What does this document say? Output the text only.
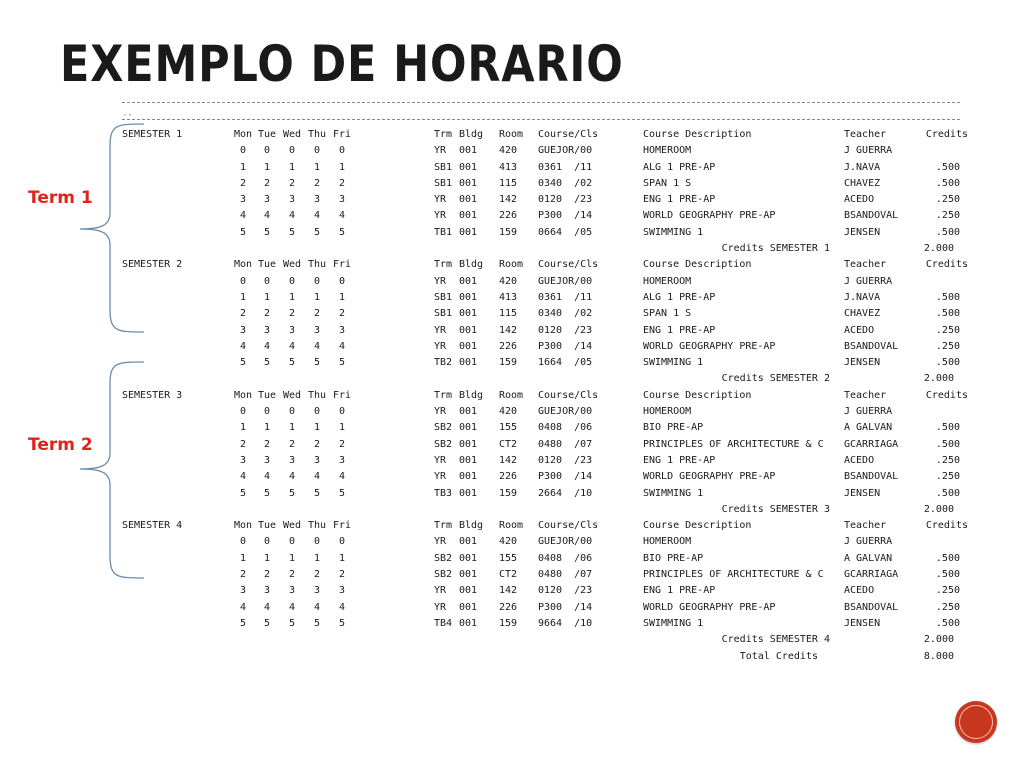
EXEMPLO DE HORARIO
--
Term 1
Term 2
SEMESTER 1	Mon Tue Wed Thu Fri	Trm Bldg Room Course/Cls	Course Description	Teacher	Credits
0	0	0	0	0	YR 001 420 GUEJOR/00	HOMEROOM	J GUERRA
1	1	1	1	1	SB1 001 413 0361  /11	ALG 1 PRE-AP	J.NAVA	.500
2	2	2	2	2	SB1 001 115 0340  /02	SPAN 1 S	CHAVEZ	.500
3	3	3	3	3	YR 001 142 0120  /23	ENG 1 PRE-AP	ACEDO	.250
4	4	4	4	4	YR 001 226 P300  /14	WORLD GEOGRAPHY PRE-AP	BSANDOVAL	.250
5	5	5	5	5	TB1 001 159 0664  /05	SWIMMING 1	JENSEN	.500
Credits SEMESTER 1	2.000
SEMESTER 2	Mon Tue Wed Thu Fri	Trm Bldg Room Course/Cls	Course Description	Teacher	Credits
0	0	0	0	0	YR 001 420 GUEJOR/00	HOMEROOM	J GUERRA
1	1	1	1	1	SB1 001 413 0361  /11	ALG 1 PRE-AP	J.NAVA	.500
2	2	2	2	2	SB1 001 115 0340  /02	SPAN 1 S	CHAVEZ	.500
3	3	3	3	3	YR 001 142 0120  /23	ENG 1 PRE-AP	ACEDO	.250
4	4	4	4	4	YR 001 226 P300  /14	WORLD GEOGRAPHY PRE-AP	BSANDOVAL	.250
5	5	5	5	5	TB2 001 159 1664  /05	SWIMMING 1	JENSEN	.500
Credits SEMESTER 2	2.000
SEMESTER 3	Mon Tue Wed Thu Fri	Trm Bldg Room Course/Cls	Course Description	Teacher	Credits
0	0	0	0	0	YR 001 420 GUEJOR/00	HOMEROOM	J GUERRA
1	1	1	1	1	SB2 001 155 0408  /06	BIO PRE-AP	A GALVAN	.500
2	2	2	2	2	SB2 001 CT2 0480  /07	PRINCIPLES OF ARCHITECTURE & C GCARRIAGA	.500
3	3	3	3	3	YR 001 142 0120  /23	ENG 1 PRE-AP	ACEDO	.250
4	4	4	4	4	YR 001 226 P300  /14	WORLD GEOGRAPHY PRE-AP	BSANDOVAL	.250
5	5	5	5	5	TB3 001 159 2664  /10	SWIMMING 1	JENSEN	.500
Credits SEMESTER 3	2.000
SEMESTER 4	Mon Tue Wed Thu Fri	Trm Bldg Room Course/Cls	Course Description	Teacher	Credits
0	0	0	0	0	YR 001 420 GUEJOR/00	HOMEROOM	J GUERRA
1	1	1	1	1	SB2 001 155 0408  /06	BIO PRE-AP	A GALVAN	.500
2	2	2	2	2	SB2 001 CT2 0480  /07	PRINCIPLES OF ARCHITECTURE & C GCARRIAGA	.500
3	3	3	3	3	YR 001 142 0120  /23	ENG 1 PRE-AP	ACEDO	.250
4	4	4	4	4	YR 001 226 P300  /14	WORLD GEOGRAPHY PRE-AP	BSANDOVAL	.250
5	5	5	5	5	TB4 001 159 9664  /10	SWIMMING 1	JENSEN	.500
Credits SEMESTER 4	2.000
Total Credits	8.000
